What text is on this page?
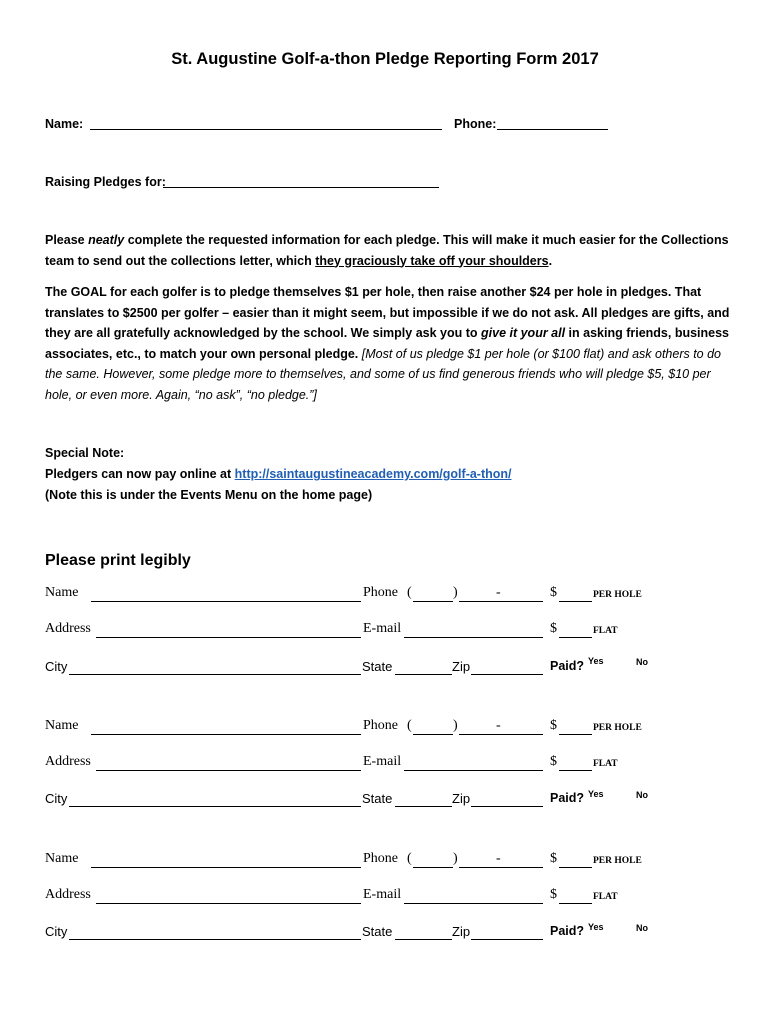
St. Augustine Golf-a-thon Pledge Reporting Form 2017
Name:	Phone:
Raising Pledges for:
Please neatly complete the requested information for each pledge. This will make it much easier for the Collections team to send out the collections letter, which they graciously take off your shoulders.
The GOAL for each golfer is to pledge themselves $1 per hole, then raise another $24 per hole in pledges. That translates to $2500 per golfer – easier than it might seem, but impossible if we do not ask. All pledges are gifts, and they are all gratefully acknowledged by the school. We simply ask you to give it your all in asking friends, business associates, etc., to match your own personal pledge. [Most of us pledge $1 per hole (or $100 flat) and ask others to do the same. However, some pledge more to themselves, and some of us find generous friends who will pledge $5, $10 per hole, or even more. Again, “no ask”, “no pledge.”]
Special Note:
Pledgers can now pay online at http://saintaugustineacademy.com/golf-a-thon/
(Note this is under the Events Menu on the home page)
Please print legibly
Name	Phone (	)	-	$	PER HOLE
Address	E-mail	$	FLAT
City	State	Zip	Paid? Yes	No
Name	Phone (	)	-	$	PER HOLE
Address	E-mail	$	FLAT
City	State	Zip	Paid? Yes	No
Name	Phone (	)	-	$	PER HOLE
Address	E-mail	$	FLAT
City	State	Zip	Paid? Yes	No
